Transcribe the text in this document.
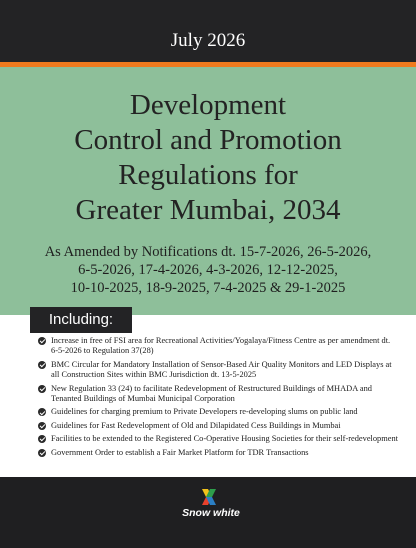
July 2026
Development
Control and Promotion
Regulations for
Greater Mumbai, 2034
As Amended by Notifications dt. 15-7-2026, 26-5-2026,
6-5-2026, 17-4-2026, 4-3-2026, 12-12-2025,
10-10-2025, 18-9-2025, 7-4-2025 & 29-1-2025
Including:
Increase in free of FSI area for Recreational Activities/Yogalaya/Fitness Centre as per amendment dt. 6-5-2026 to Regulation 37(28)
BMC Circular for Mandatory Installation of Sensor-Based Air Quality Monitors and LED Displays at all Construction Sites within BMC Jurisdiction dt. 13-5-2025
New Regulation 33 (24) to facilitate Redevelopment of Restructured Buildings of MHADA and Tenanted Buildings of Mumbai Municipal Corporation
Guidelines for charging premium to Private Developers re-developing slums on public land
Guidelines for Fast Redevelopment of Old and Dilapidated Cess Buildings in Mumbai
Facilities to be extended to the Registered Co-Operative Housing Societies for their self-redevelopment
Government Order to establish a Fair Market Platform for TDR Transactions
Snow white
